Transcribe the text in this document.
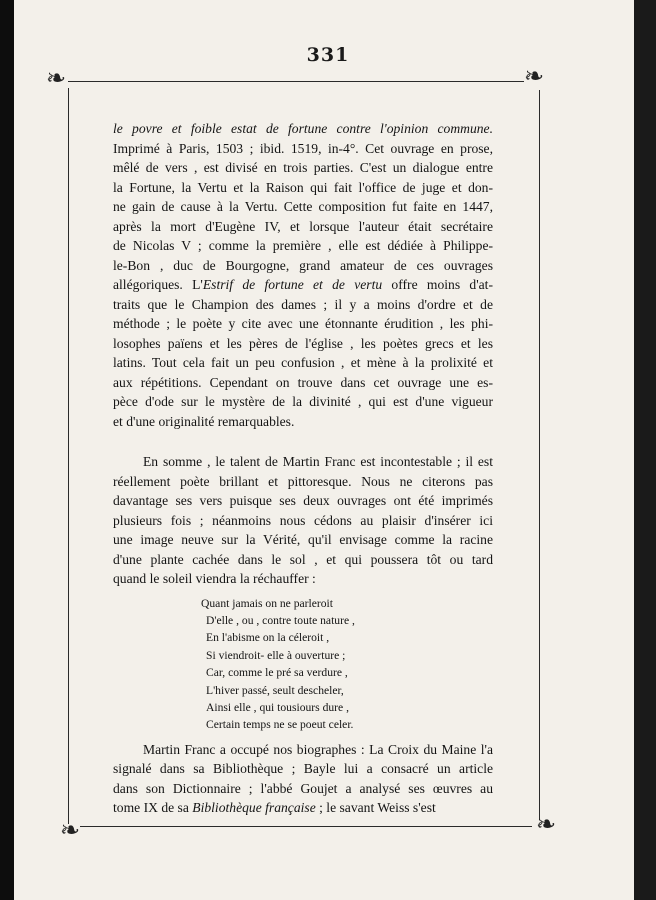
331
❧	❧
❧	❧
le povre et foible estat de fortune contre l'opinion commune.
Imprimé à Paris, 1503 ; ibid. 1519, in-4°. Cet ouvrage en prose,
mêlé de vers , est divisé en trois parties. C'est un dialogue entre
la Fortune, la Vertu et la Raison qui fait l'office de juge et don-
ne gain de cause à la Vertu. Cette composition fut faite en 1447,
après la mort d'Eugène IV, et lorsque l'auteur était secrétaire
de Nicolas V ; comme la première , elle est dédiée à Philippe-
le-Bon , duc de Bourgogne, grand amateur de ces ouvrages
allégoriques. L'Estrif de fortune et de vertu offre moins d'at-
traits que le Champion des dames ; il y a moins d'ordre et de
méthode ; le poète y cite avec une étonnante érudition , les phi-
losophes païens et les pères de l'église , les poètes grecs et les
latins. Tout cela fait un peu confusion , et mène à la prolixité et
aux répétitions. Cependant on trouve dans cet ouvrage une es-
pèce d'ode sur le mystère de la divinité , qui est d'une vigueur
et d'une originalité remarquables.
En somme , le talent de Martin Franc est incontestable ; il est
réellement poète brillant et pittoresque. Nous ne citerons pas
davantage ses vers puisque ses deux ouvrages ont été imprimés
plusieurs fois ; néanmoins nous cédons au plaisir d'insérer ici
une image neuve sur la Vérité, qu'il envisage comme la racine
d'une plante cachée dans le sol , et qui poussera tôt ou tard
quand le soleil viendra la réchauffer :
Quant jamais on ne parleroit
D'elle , ou , contre toute nature ,
En l'abisme on la céleroit ,
Si viendroit- elle à ouverture ;
Car, comme le pré sa verdure ,
L'hiver passé, seult descheler,
Ainsi elle , qui tousiours dure ,
Certain temps ne se poeut celer.
Martin Franc a occupé nos biographes : La Croix du Maine l'a
signalé dans sa Bibliothèque ; Bayle lui a consacré un article
dans son Dictionnaire ; l'abbé Goujet a analysé ses œuvres au
tome IX de sa Bibliothèque française ; le savant Weiss s'est
